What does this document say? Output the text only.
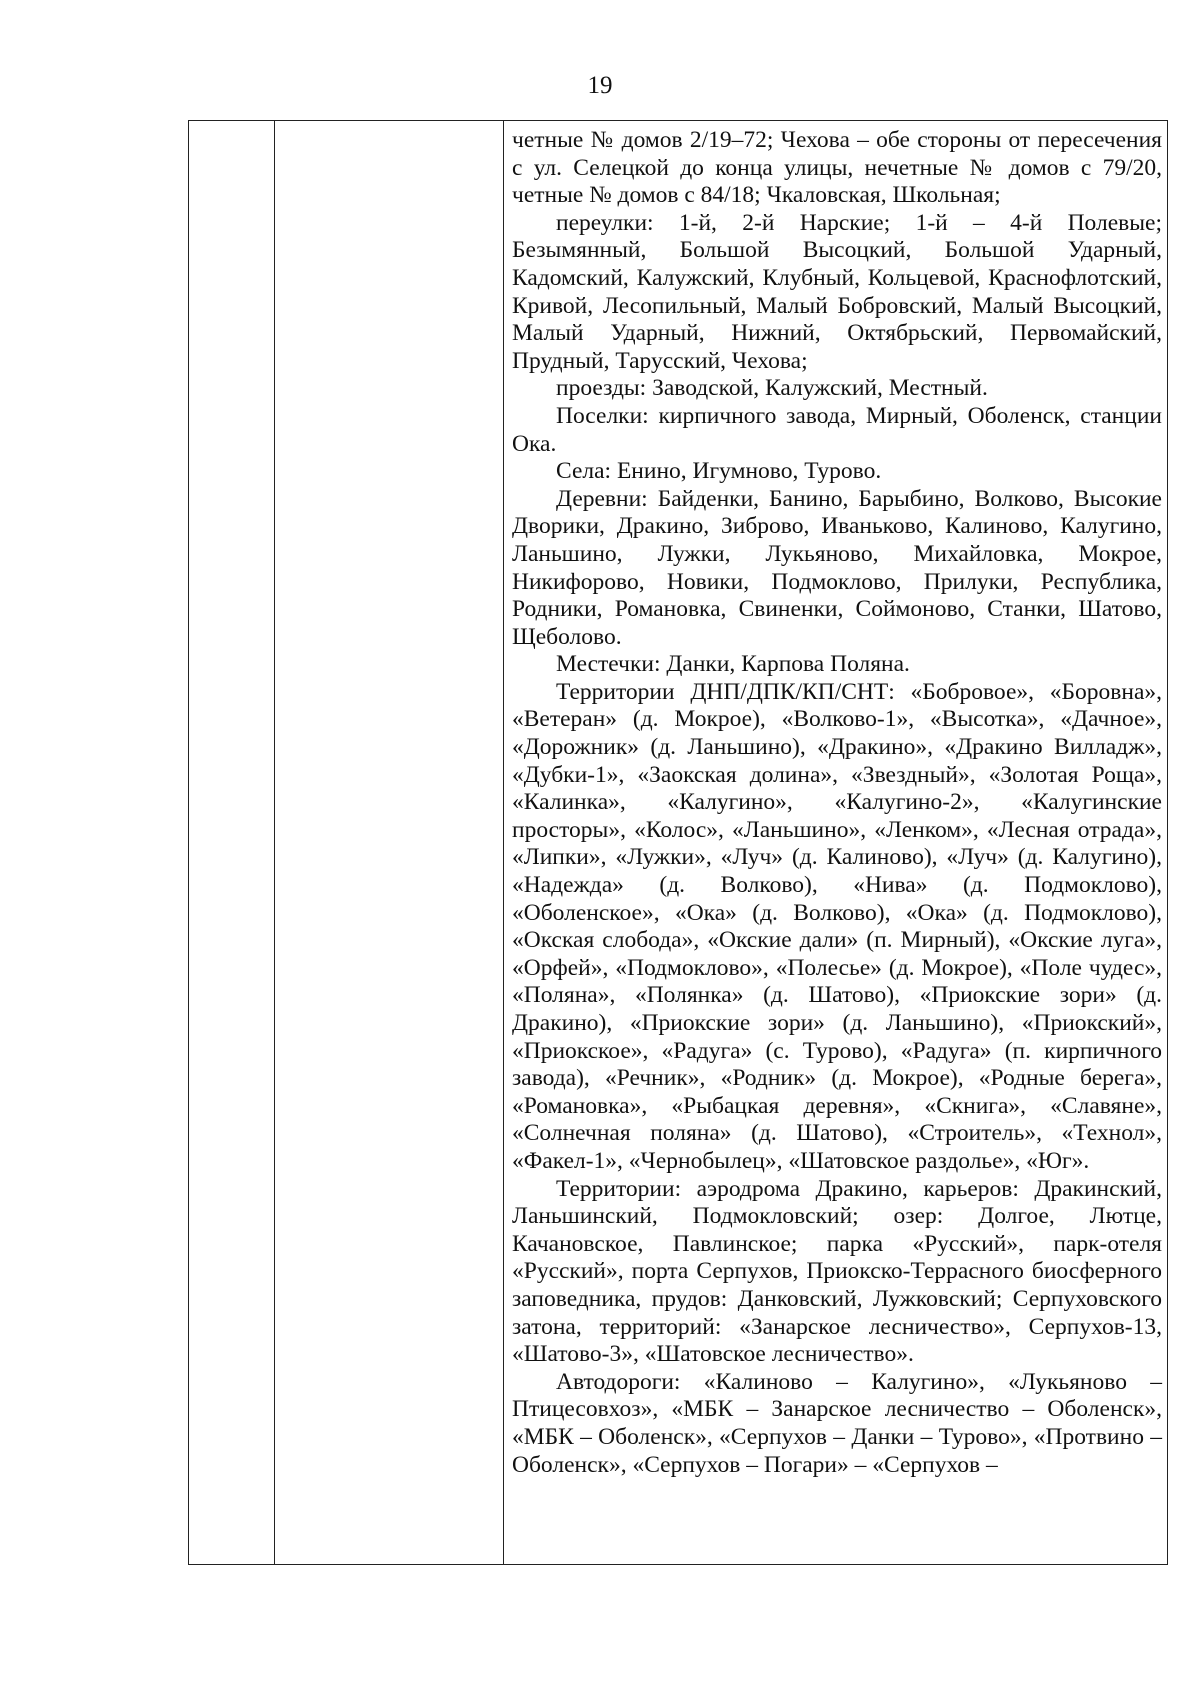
19

четные № домов 2/19–72; Чехова – обе стороны от пересечения с ул. Селецкой до конца улицы, нечетные № домов с 79/20, четные № домов с 84/18; Чкаловская, Школьная;

переулки: 1-й, 2-й Нарские; 1-й – 4-й Полевые; Безымянный, Большой Высоцкий, Большой Ударный, Кадомский, Калужский, Клубный, Кольцевой, Краснофлотский, Кривой, Лесопильный, Малый Бобровский, Малый Высоцкий, Малый Ударный, Нижний, Октябрьский, Первомайский, Прудный, Тарусский, Чехова;

проезды: Заводской, Калужский, Местный.

Поселки: кирпичного завода, Мирный, Оболенск, станции Ока.

Села: Енино, Игумново, Турово.

Деревни: Байденки, Банино, Барыбино, Волково, Высокие Дворики, Дракино, Зиброво, Иваньково, Калиново, Калугино, Ланьшино, Лужки, Лукьяново, Михайловка, Мокрое, Никифорово, Новики, Подмоклово, Прилуки, Республика, Родники, Романовка, Свиненки, Соймоново, Станки, Шатово, Щеболово.

Местечки: Данки, Карпова Поляна.

Территории ДНП/ДПК/КП/СНТ: «Бобровое», «Боровна», «Ветеран» (д. Мокрое), «Волково-1», «Высотка», «Дачное», «Дорожник» (д. Ланьшино), «Дракино», «Дракино Вилладж», «Дубки-1», «Заокская долина», «Звездный», «Золотая Роща», «Калинка», «Калугино», «Калугино-2», «Калугинские просторы», «Колос», «Ланьшино», «Ленком», «Лесная отрада», «Липки», «Лужки», «Луч» (д. Калиново), «Луч» (д. Калугино), «Надежда» (д. Волково), «Нива» (д. Подмоклово), «Оболенское», «Ока» (д. Волково), «Ока» (д. Подмоклово), «Окская слобода», «Окские дали» (п. Мирный), «Окские луга», «Орфей», «Подмоклово», «Полесье» (д. Мокрое), «Поле чудес», «Поляна», «Полянка» (д. Шатово), «Приокские зори» (д. Дракино), «Приокские зори» (д. Ланьшино), «Приокский», «Приокское», «Радуга» (с. Турово), «Радуга» (п. кирпичного завода), «Речник», «Родник» (д. Мокрое), «Родные берега», «Романовка», «Рыбацкая деревня», «Скнига», «Славяне», «Солнечная поляна» (д. Шатово), «Строитель», «Технол», «Факел-1», «Чернобылец», «Шатовское раздолье», «Юг».

Территории: аэродрома Дракино, карьеров: Дракинский, Ланьшинский, Подмокловский; озер: Долгое, Лютце, Качановское, Павлинское; парка «Русский», парк-отеля «Русский», порта Серпухов, Приокско-Террасного биосферного заповедника, прудов: Данковский, Лужковский; Серпуховского затона, территорий: «Занарское лесничество», Серпухов-13, «Шатово-3», «Шатовское лесничество».

Автодороги: «Калиново – Калугино», «Лукьяново – Птицесовхоз», «МБК – Занарское лесничество – Оболенск», «МБК – Оболенск», «Серпухов – Данки – Турово», «Протвино – Оболенск», «Серпухов – Погари» – «Серпухов –
